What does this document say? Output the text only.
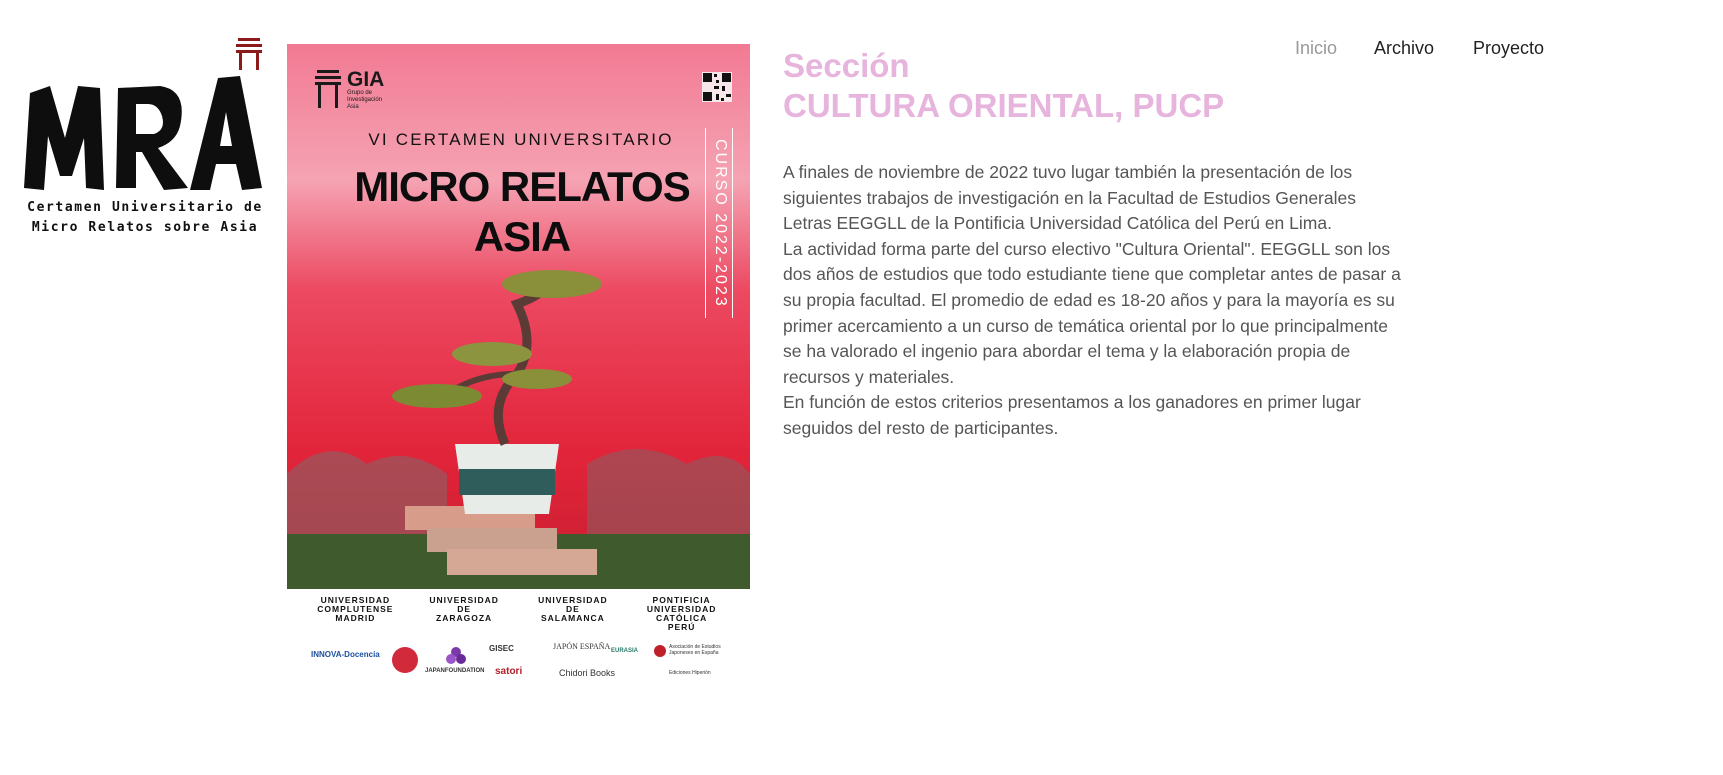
Certamen Universitario de
Micro Relatos sobre Asia
GIA
Grupo de
Investigación
Asia
VI CERTAMEN UNIVERSITARIO
MICRO RELATOS
ASIA	CURSO 2022-2023
UNIVERSIDAD
COMPLUTENSE
MADRID
UNIVERSIDAD
DE
ZARAGOZA
UNIVERSIDAD
DE
SALAMANCA
PONTIFICIA
UNIVERSIDAD
CATÓLICA
PERÚ
INNOVA-Docencia
JAPANFOUNDATION
GISEC
satori
JAPÓN ESPAÑA
Chidori Books
EURASIA
Asociación de Estudios Japoneses en España
Ediciones Hiperión
Sección
CULTURA ORIENTAL, PUCP

A finales de noviembre de 2022 tuvo lugar también la presentación de los siguientes trabajos de investigación en la Facultad de Estudios Generales Letras EEGGLL de la Pontificia Universidad Católica del Perú en Lima.

La actividad forma parte del curso electivo "Cultura Oriental". EEGGLL son los dos años de estudios que todo estudiante tiene que completar antes de pasar a su propia facultad. El promedio de edad es 18-20 años y para la mayoría es su primer acercamiento a un curso de temática oriental por lo que principalmente se ha valorado el ingenio para abordar el tema y la elaboración propia de recursos y materiales.

En función de estos criterios presentamos a los ganadores en primer lugar seguidos del resto de participantes.

Inicio Archivo Proyecto
